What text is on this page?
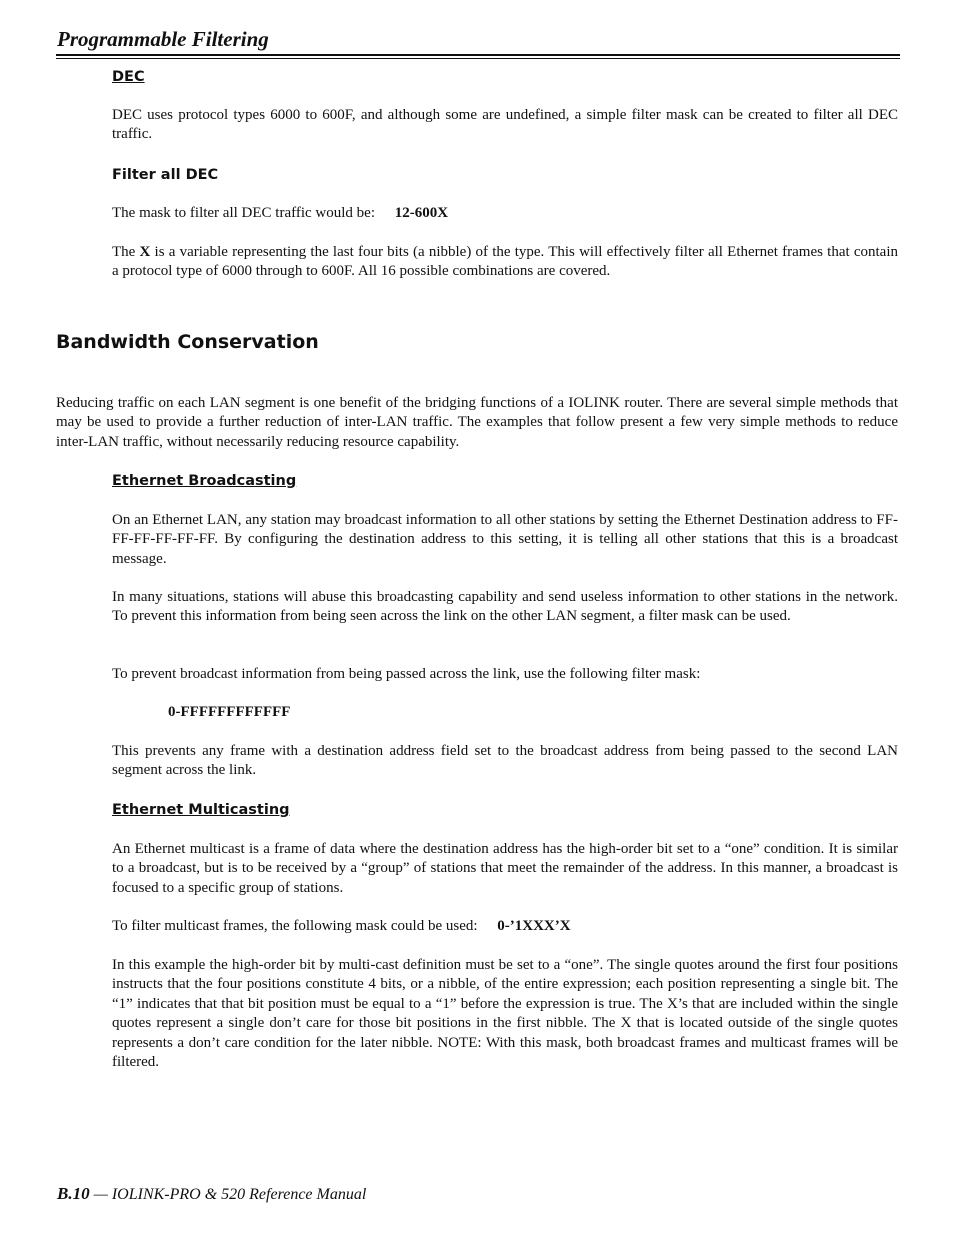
Programmable Filtering
DEC
DEC uses protocol types 6000 to 600F, and although some are undefined, a simple filter mask can be created to filter all DEC traffic.
Filter all DEC
The mask to filter all DEC traffic would be: 12-600X
The X is a variable representing the last four bits (a nibble) of the type. This will effectively filter all Ethernet frames that contain a protocol type of 6000 through to 600F. All 16 possible combinations are covered.
Bandwidth Conservation
Reducing traffic on each LAN segment is one benefit of the bridging functions of a IOLINK router. There are several simple methods that may be used to provide a further reduction of inter-LAN traffic. The examples that follow present a few very simple methods to reduce inter-LAN traffic, without necessarily reducing resource capability.
Ethernet Broadcasting
On an Ethernet LAN, any station may broadcast information to all other stations by setting the Ethernet Destination address to FF-FF-FF-FF-FF-FF. By configuring the destination address to this setting, it is telling all other stations that this is a broadcast message.
In many situations, stations will abuse this broadcasting capability and send useless information to other stations in the network. To prevent this information from being seen across the link on the other LAN segment, a filter mask can be used.
To prevent broadcast information from being passed across the link, use the following filter mask:
0-FFFFFFFFFFFF
This prevents any frame with a destination address field set to the broadcast address from being passed to the second LAN segment across the link.
Ethernet Multicasting
An Ethernet multicast is a frame of data where the destination address has the high-order bit set to a “one” condition. It is similar to a broadcast, but is to be received by a “group” of stations that meet the remainder of the address. In this manner, a broadcast is focused to a specific group of stations.
To filter multicast frames, the following mask could be used: 0-’1XXX’X
In this example the high-order bit by multi-cast definition must be set to a “one”. The single quotes around the first four positions instructs that the four positions constitute 4 bits, or a nibble, of the entire expression; each position representing a single bit. The “1” indicates that that bit position must be equal to a “1” before the expression is true. The X’s that are included within the single quotes represent a single don’t care for those bit positions in the first nibble. The X that is located outside of the single quotes represents a don’t care condition for the later nibble. NOTE: With this mask, both broadcast frames and multicast frames will be filtered.
B.10 — IOLINK-PRO & 520 Reference Manual
